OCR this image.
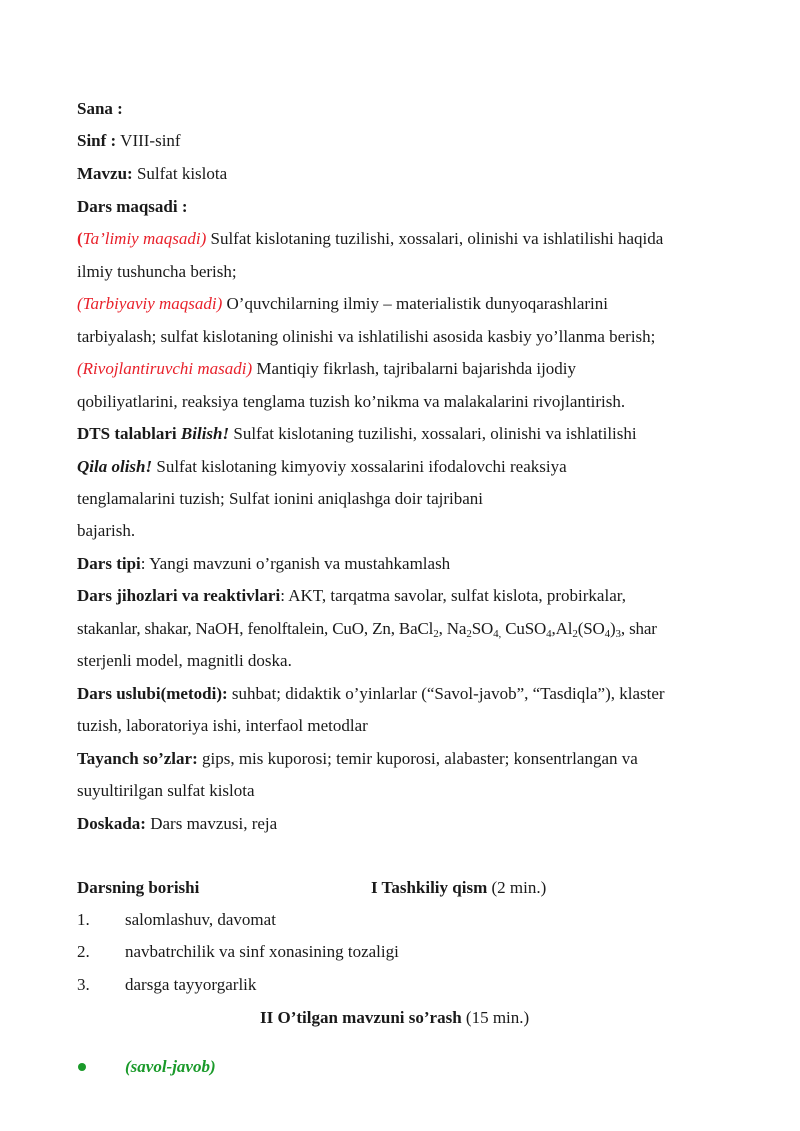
Sana :
Sinf : VIII-sinf
Mavzu: Sulfat kislota
Dars maqsadi :
(Ta’limiy maqsadi) Sulfat kislotaning tuzilishi, xossalari, olinishi va ishlatilishi haqida
ilmiy tushuncha berish;
(Tarbiyaviy maqsadi) O’quvchilarning ilmiy – materialistik dunyoqarashlarini
tarbiyalash; sulfat kislotaning olinishi va ishlatilishi asosida kasbiy yo’llanma berish;
(Rivojlantiruvchi masadi) Mantiqiy fikrlash, tajribalarni bajarishda ijodiy
qobiliyatlarini, reaksiya tenglama tuzish ko’nikma va malakalarini rivojlantirish.
DTS talablari Bilish! Sulfat kislotaning tuzilishi, xossalari, olinishi va ishlatilishi
Qila olish! Sulfat kislotaning kimyoviy xossalarini ifodalovchi reaksiya
tenglamalarini tuzish; Sulfat ionini aniqlashga doir tajribani
bajarish.
Dars tipi: Yangi mavzuni o’rganish va mustahkamlash
Dars jihozlari va reaktivlari: AKT, tarqatma savolar, sulfat kislota, probirkalar,
stakanlar, shakar, NaOH, fenolftalein, CuO, Zn, BaCl$_2$, $Na_2SO_{4,}$ $CuSO_4,Al_2(SO_4)_3$, shar
sterjenli model, magnitli doska.
Dars uslubi(metodi): suhbat; didaktik o’yinlarlar (“Savol-javob”, “Tasdiqla”), klaster
tuzish, laboratoriya ishi, interfaol metodlar
Tayanch so’zlar: gips, mis kuporosi; temir kuporosi, alabaster; konsentrlangan va
suyultirilgan sulfat kislota
Doskada: Dars mavzusi, reja
Darsning borishi	I Tashkiliy qism (2 min.)
1. salomlashuv, davomat
2. navbatrchilik va sinf xonasining tozaligi
3. darsga tayyorgarlik
II O’tilgan mavzuni so’rash (15 min.)
(savol-javob)
